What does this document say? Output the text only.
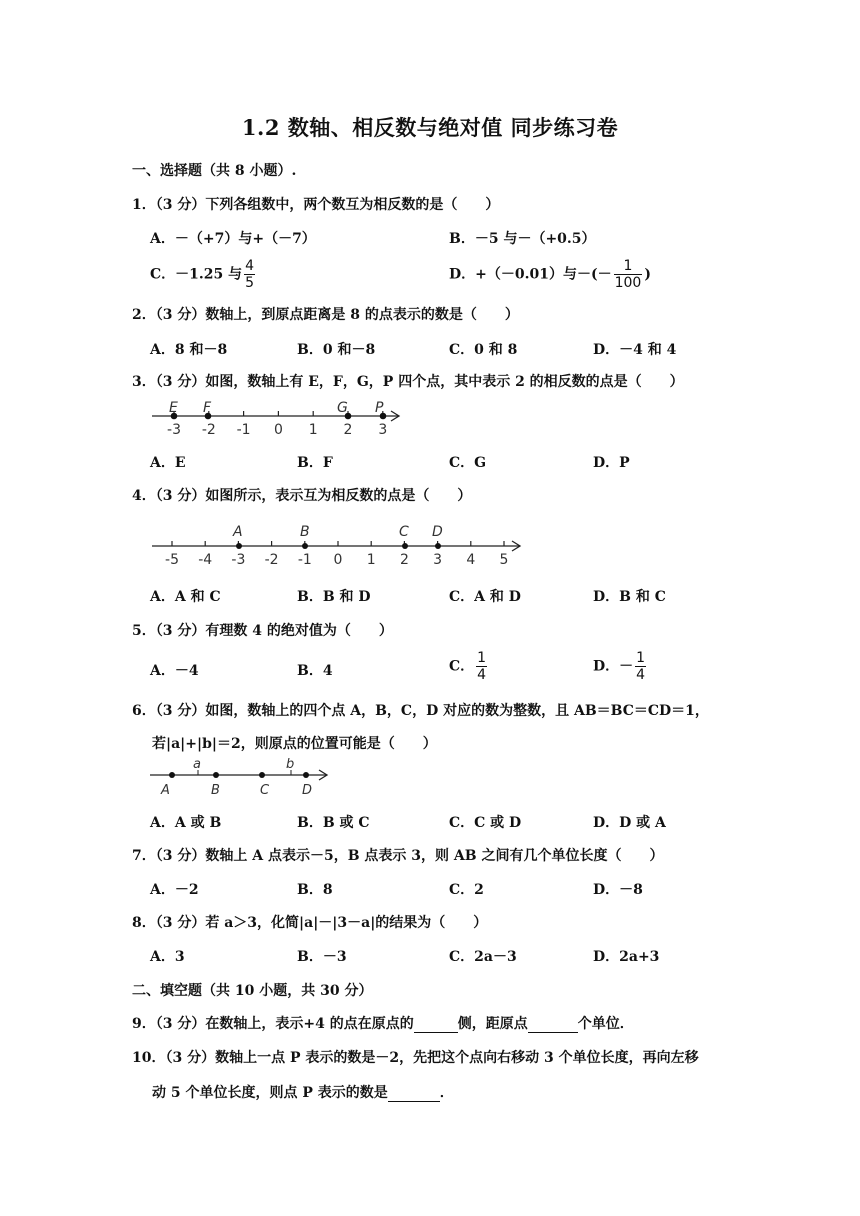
1.2 数轴、相反数与绝对值 同步练习卷
一、选择题（共 8 小题）.
1．（3 分）下列各组数中，两个数互为相反数的是（　　）
A．－（+7）与+（－7）	B．－5 与－（+0.5）
C．－1.25 与 $\frac{4}{5}$	D．+（－0.01）与－(－ $\frac{1}{100}$ )
2．（3 分）数轴上，到原点距离是 8 的点表示的数是（　　）
A．8 和－8	B．0 和－8	C．0 和 8	D．－4 和 4
3．（3 分）如图，数轴上有 E，F，G，P 四个点，其中表示 2 的相反数的点是（　　）
-3 -2 -1 0 1 2 3
E F	G P
A．E	B．F	C．G	D．P
4．（3 分）如图所示，表示互为相反数的点是（　　）
-5 -4 -3 -2 -1 0 1 2 3 4 5
A	B	C D
A．A 和 C	B．B 和 D	C．A 和 D	D．B 和 C
5．（3 分）有理数 4 的绝对值为（　　）
A．－4	B．4	C． $\frac{1}{4}$	D．－ $\frac{1}{4}$
6．（3 分）如图，数轴上的四个点 A，B，C，D 对应的数为整数，且 AB＝BC＝CD＝1，
若|a|+|b|＝2，则原点的位置可能是（　　）
a	b
A	B	C	D
A．A 或 B	B．B 或 C	C．C 或 D	D．D 或 A
7．（3 分）数轴上 A 点表示－5，B 点表示 3，则 AB 之间有几个单位长度（　　）
A．－2	B．8	C．2	D．－8
8．（3 分）若 a＞3，化简|a|－|3－a|的结果为（　　）
A．3	B．－3	C．2a－3	D．2a+3
二、填空题（共 10 小题，共 30 分）
9．（3 分）在数轴上，表示+4 的点在原点的	侧，距原点	个单位．
10．（3 分）数轴上一点 P 表示的数是－2，先把这个点向右移动 3 个单位长度，再向左移
动 5 个单位长度，则点 P 表示的数是	．
